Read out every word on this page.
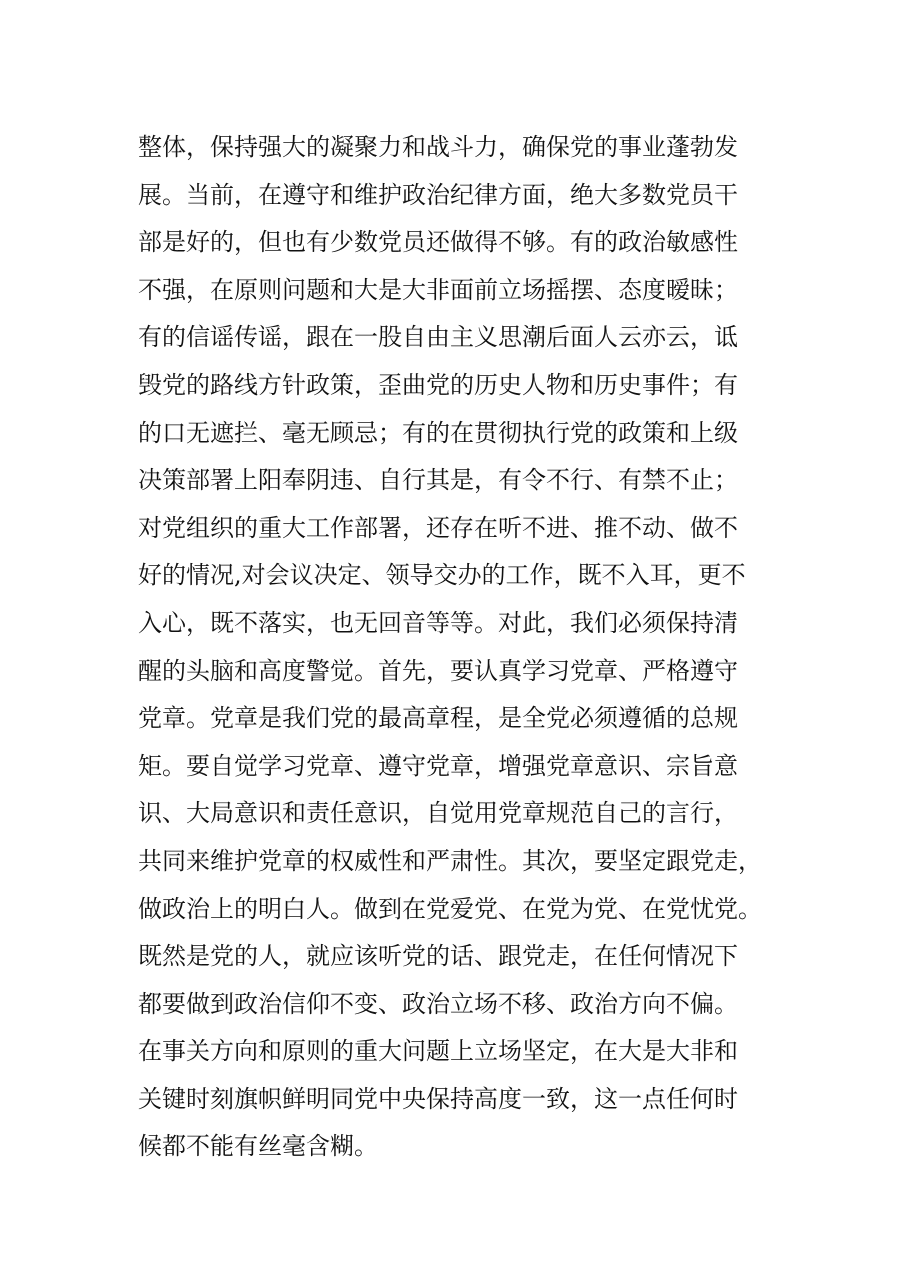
整体，保持强大的凝聚力和战斗力，确保党的事业蓬勃发
展。当前，在遵守和维护政治纪律方面，绝大多数党员干
部是好的，但也有少数党员还做得不够。有的政治敏感性
不强，在原则问题和大是大非面前立场摇摆、态度暧昧；
有的信谣传谣，跟在一股自由主义思潮后面人云亦云，诋
毁党的路线方针政策，歪曲党的历史人物和历史事件；有
的口无遮拦、毫无顾忌；有的在贯彻执行党的政策和上级
决策部署上阳奉阴违、自行其是，有令不行、有禁不止；
对党组织的重大工作部署，还存在听不进、推不动、做不
好的情况,对会议决定、领导交办的工作，既不入耳，更不
入心，既不落实，也无回音等等。对此，我们必须保持清
醒的头脑和高度警觉。首先，要认真学习党章、严格遵守
党章。党章是我们党的最高章程，是全党必须遵循的总规
矩。要自觉学习党章、遵守党章，增强党章意识、宗旨意
识、大局意识和责任意识，自觉用党章规范自己的言行，
共同来维护党章的权威性和严肃性。其次，要坚定跟党走，
做政治上的明白人。做到在党爱党、在党为党、在党忧党。
既然是党的人，就应该听党的话、跟党走，在任何情况下
都要做到政治信仰不变、政治立场不移、政治方向不偏。
在事关方向和原则的重大问题上立场坚定，在大是大非和
关键时刻旗帜鲜明同党中央保持高度一致，这一点任何时
候都不能有丝毫含糊。
